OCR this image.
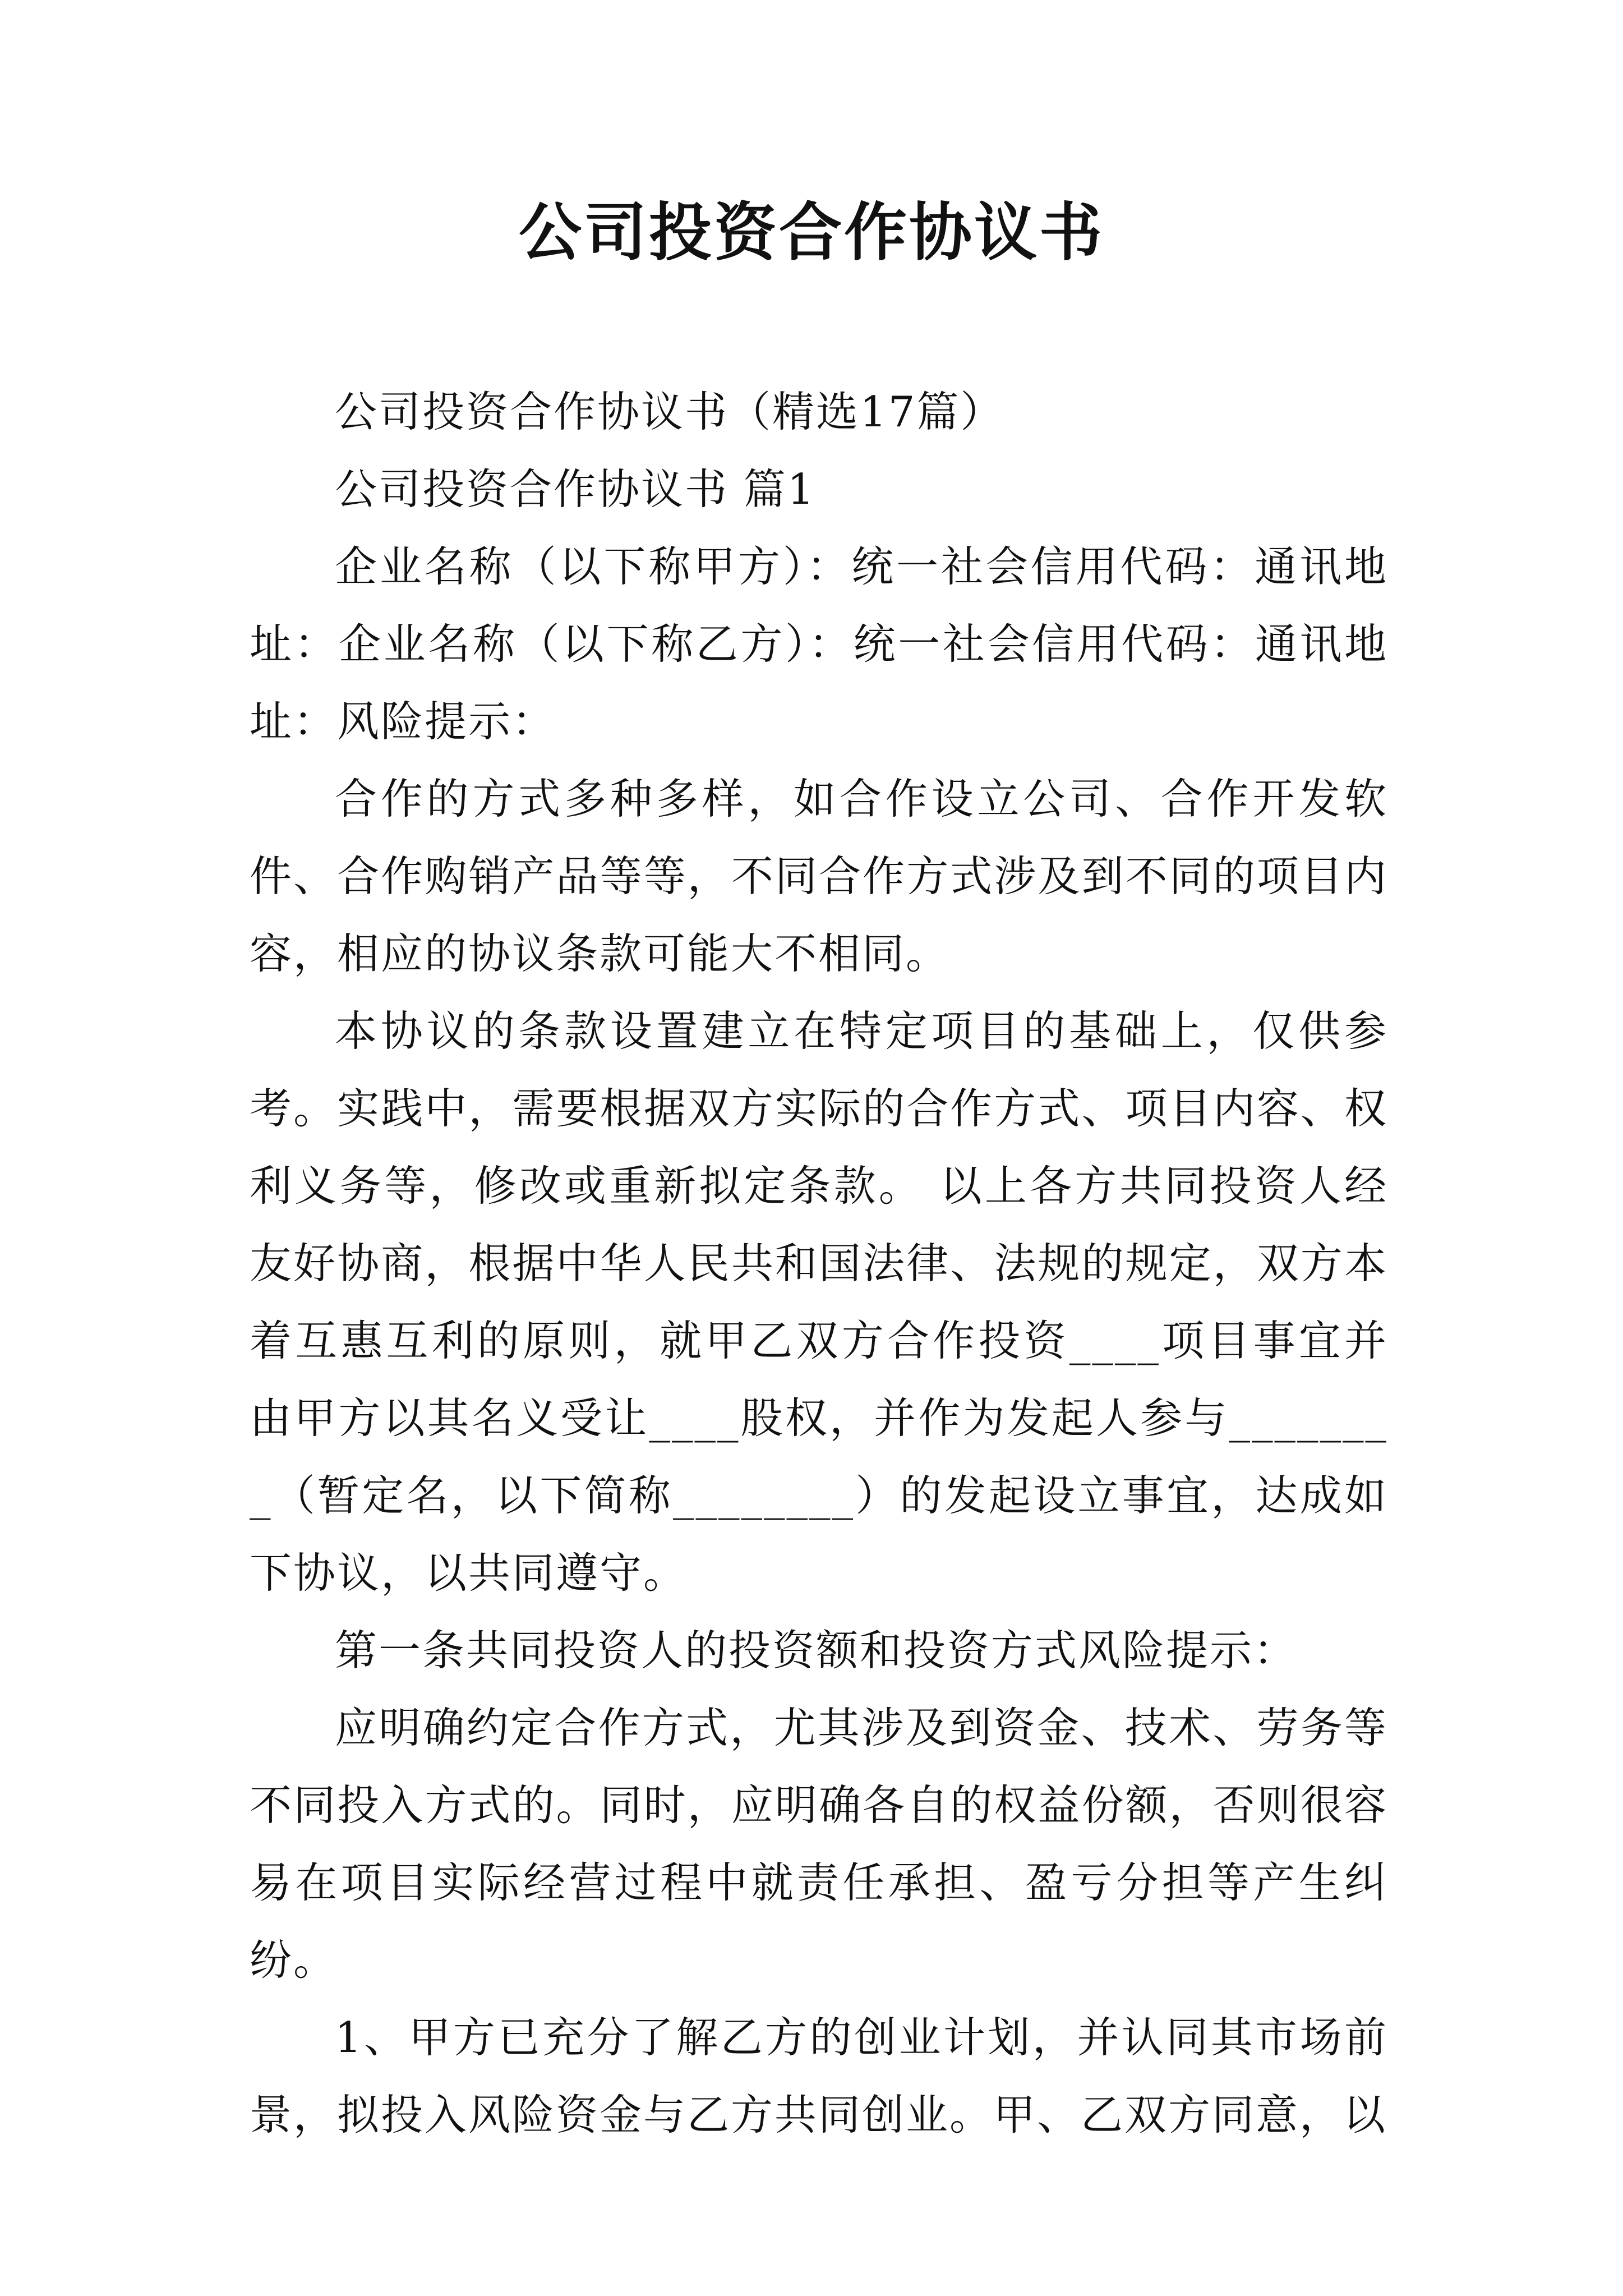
公司投资合作协议书

公司投资合作协议书（精选17篇）

公司投资合作协议书 篇1

企业名称（以下称甲方）：统一社会信用代码：通讯地址：企业名称（以下称乙方）：统一社会信用代码：通讯地址：风险提示：

合作的方式多种多样，如合作设立公司、合作开发软件、合作购销产品等等，不同合作方式涉及到不同的项目内容，相应的协议条款可能大不相同。

本协议的条款设置建立在特定项目的基础上，仅供参考。实践中，需要根据双方实际的合作方式、项目内容、权利义务等，修改或重新拟定条款。 以上各方共同投资人经友好协商，根据中华人民共和国法律、法规的规定，双方本着互惠互利的原则，就甲乙双方合作投资____项目事宜并由甲方以其名义受让____股权，并作为发起人参与________（暂定名，以下简称________）的发起设立事宜，达成如下协议，以共同遵守。

第一条共同投资人的投资额和投资方式风险提示：

应明确约定合作方式，尤其涉及到资金、技术、劳务等不同投入方式的。同时，应明确各自的权益份额，否则很容易在项目实际经营过程中就责任承担、盈亏分担等产生纠纷。

1、甲方已充分了解乙方的创业计划，并认同其市场前景，拟投入风险资金与乙方共同创业。甲、乙双方同意，以
